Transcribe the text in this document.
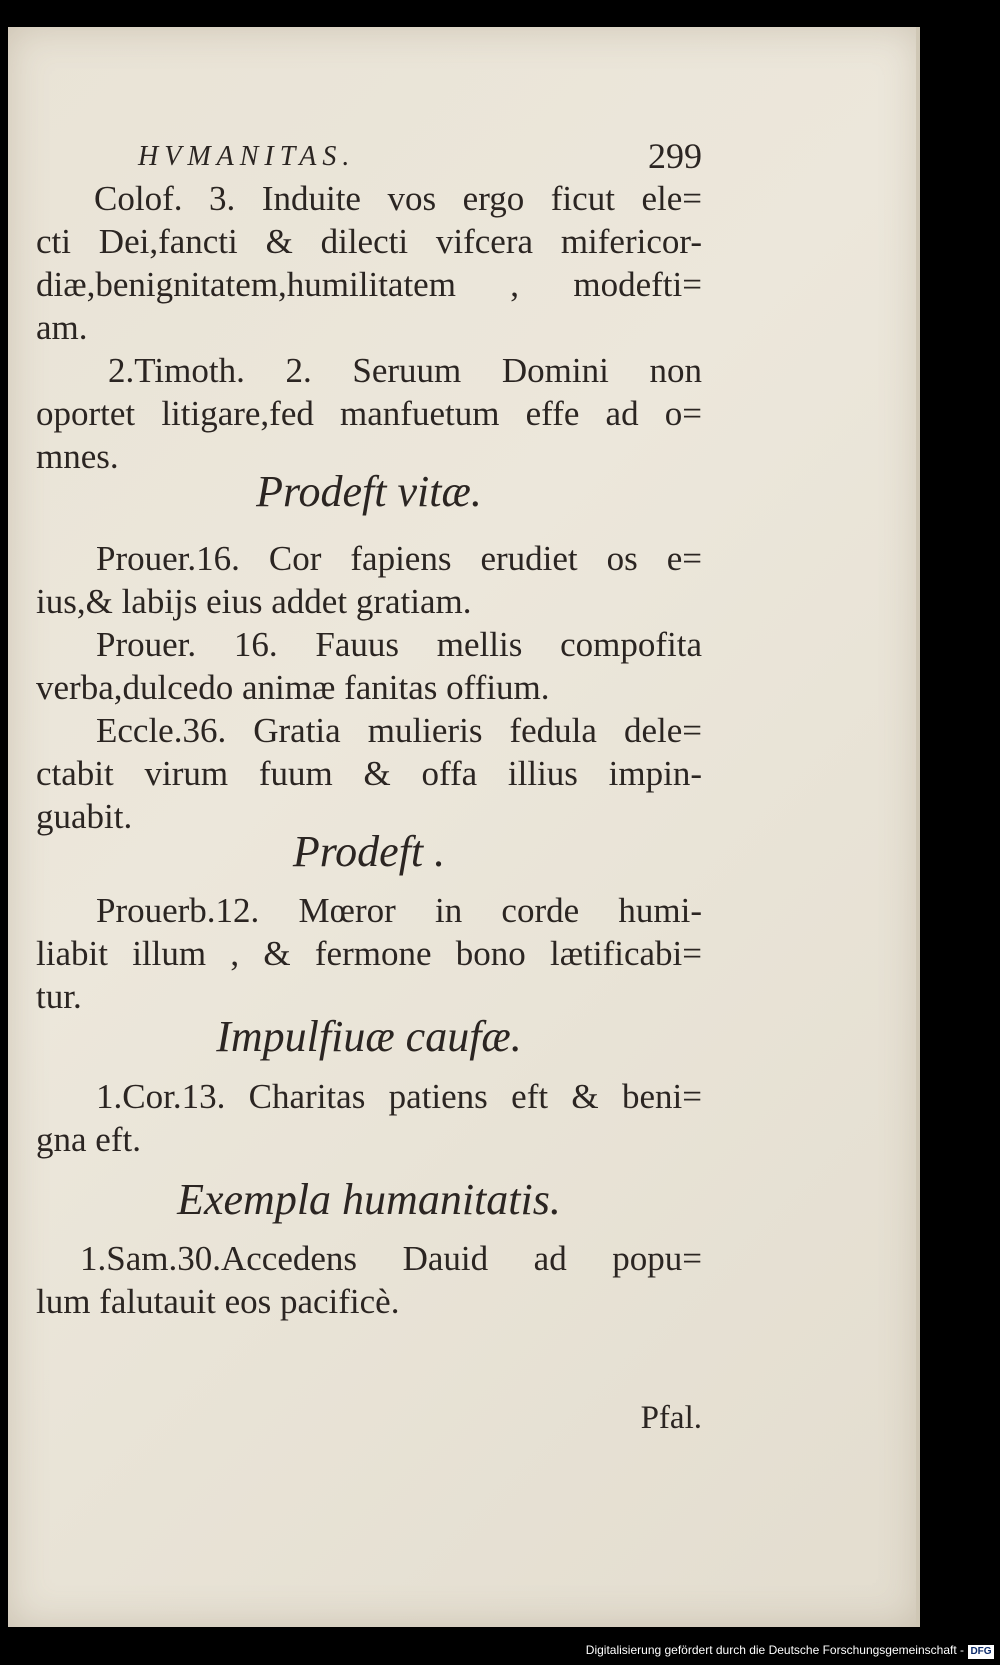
HVMANITAS.	299

Colof. 3. Induite vos ergo ficut ele=
cti Dei,fancti & dilecti vifcera mifericor-
diæ,benignitatem,humilitatem , modefti=
am.

2.Timoth. 2. Seruum Domini non
oportet litigare,fed manfuetum effe ad o=
mnes.

Prodeft vitæ.

Prouer.16. Cor fapiens erudiet os e=
ius,& labijs eius addet gratiam.

Prouer. 16. Fauus mellis compofita
verba,dulcedo animæ fanitas offium.

Eccle.36. Gratia mulieris fedula dele=
ctabit virum fuum & offa illius impin-
guabit.

Prodeft .

Prouerb.12. Mœror in corde humi-
liabit illum , & fermone bono lætificabi=
tur.

Impulfiuæ caufæ.

1.Cor.13. Charitas patiens eft & beni=
gna eft.

Exempla humanitatis.

1.Sam.30.Accedens Dauid ad popu=
lum falutauit eos pacificè.

Pfal.
Digitalisierung gefördert durch die Deutsche Forschungsgemeinschaft - DFG
